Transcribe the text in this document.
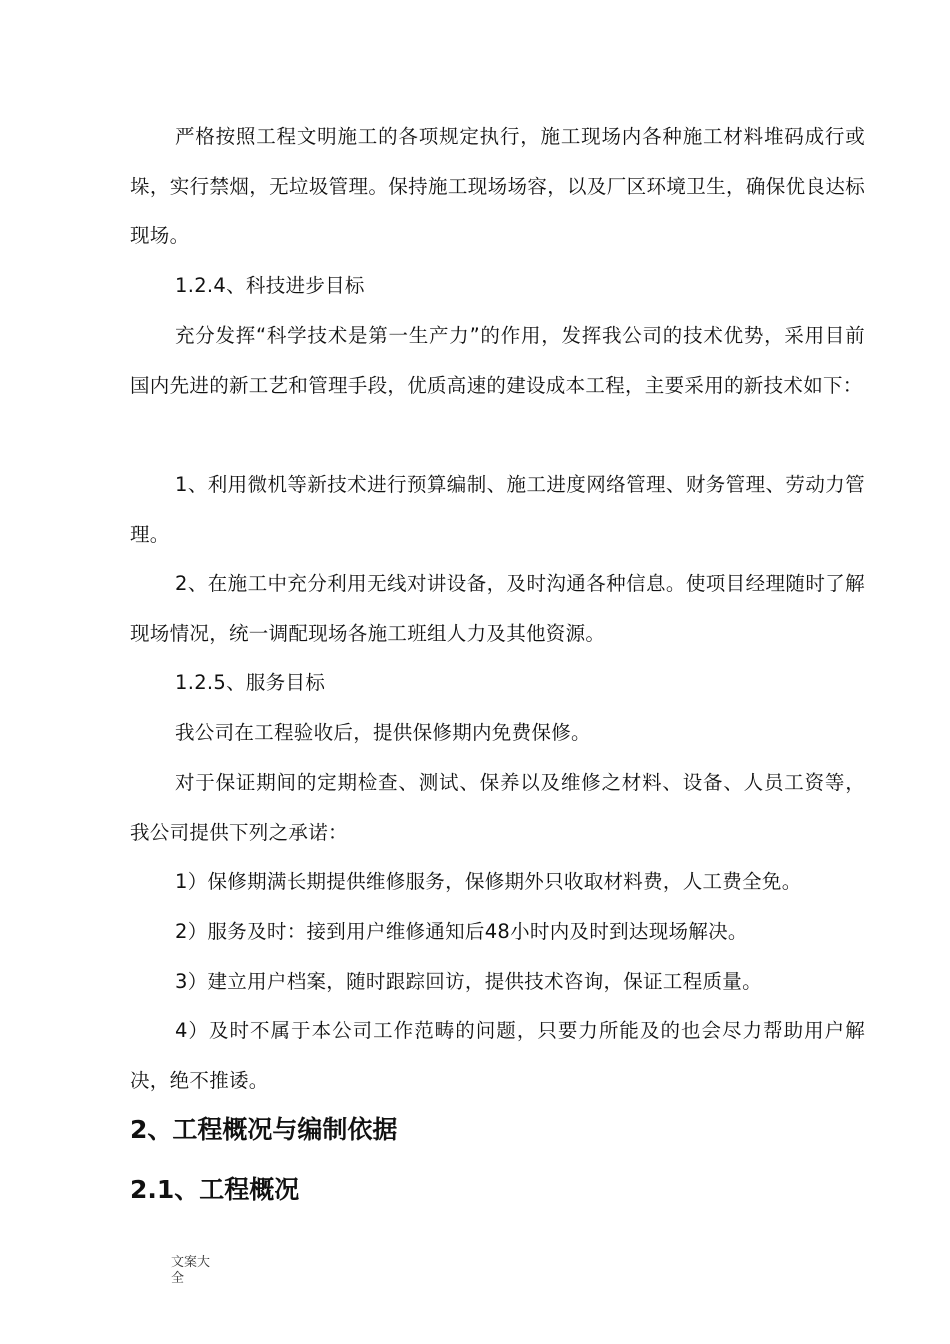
严格按照工程文明施工的各项规定执行，施工现场内各种施工材料堆码成行或垛，实行禁烟，无垃圾管理。保持施工现场场容，以及厂区环境卫生，确保优良达标现场。

1.2.4、科技进步目标

充分发挥“科学技术是第一生产力”的作用，发挥我公司的技术优势，采用目前国内先进的新工艺和管理手段，优质高速的建设成本工程，主要采用的新技术如下：

1、利用微机等新技术进行预算编制、施工进度网络管理、财务管理、劳动力管理。

2、在施工中充分利用无线对讲设备，及时沟通各种信息。使项目经理随时了解现场情况，统一调配现场各施工班组人力及其他资源。

1.2.5、服务目标

我公司在工程验收后，提供保修期内免费保修。

对于保证期间的定期检查、测试、保养以及维修之材料、设备、人员工资等，我公司提供下列之承诺：

1）保修期满长期提供维修服务，保修期外只收取材料费，人工费全免。

2）服务及时：接到用户维修通知后48小时内及时到达现场解决。

3）建立用户档案，随时跟踪回访，提供技术咨询，保证工程质量。

4）及时不属于本公司工作范畴的问题，只要力所能及的也会尽力帮助用户解决，绝不推诿。

2、工程概况与编制依据
2.1、工程概况
文案大全
